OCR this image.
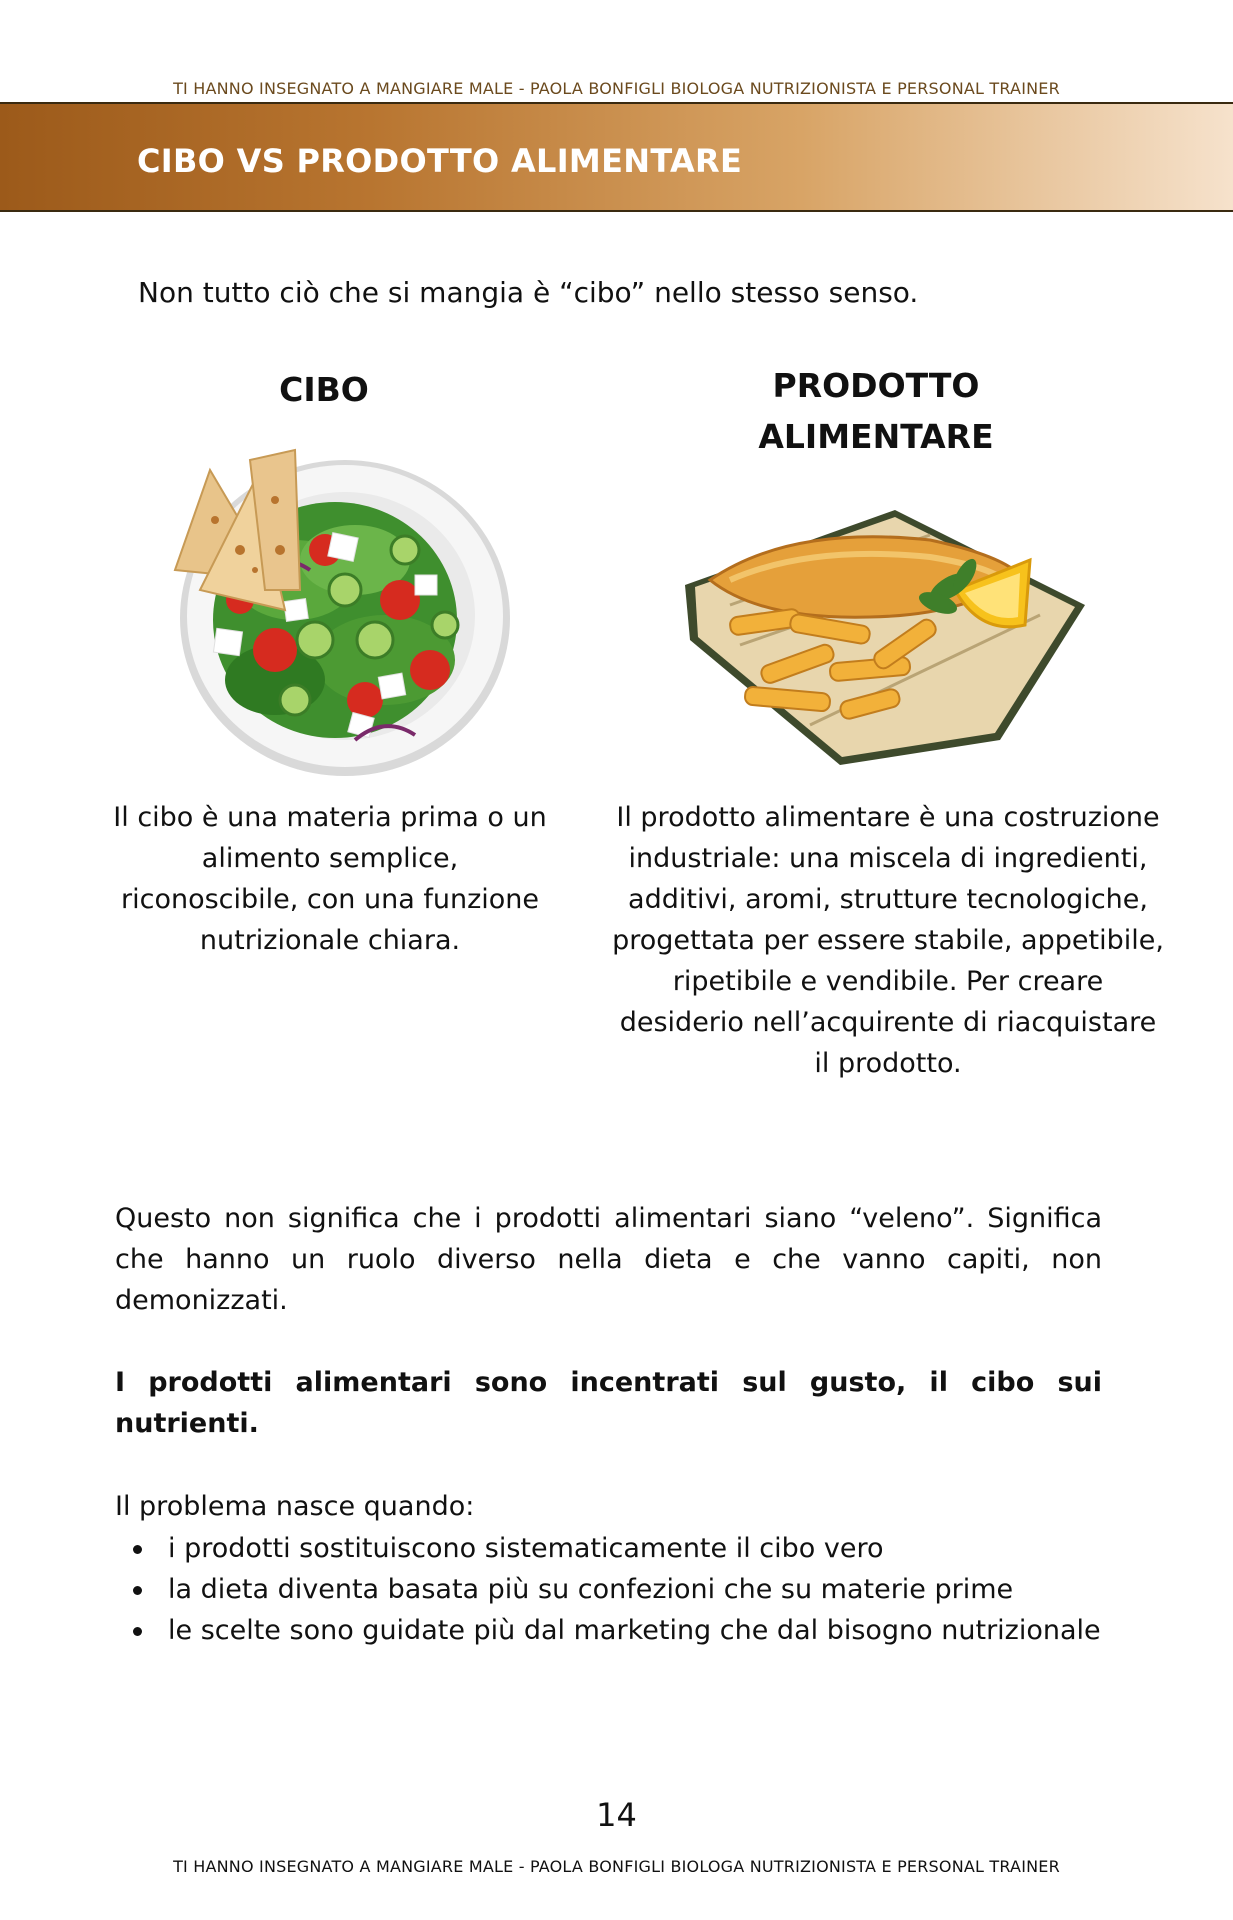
TI HANNO INSEGNATO A MANGIARE MALE - PAOLA BONFIGLI BIOLOGA NUTRIZIONISTA E PERSONAL TRAINER
CIBO VS PRODOTTO ALIMENTARE
Non tutto ciò che si mangia è “cibo” nello stesso senso.
CIBO	PRODOTTO ALIMENTARE
Il cibo è una materia prima o un alimento semplice, riconoscibile, con una funzione nutrizionale chiara.
Il prodotto alimentare è una costruzione industriale: una miscela di ingredienti, additivi, aromi, strutture tecnologiche, progettata per essere stabile, appetibile, ripetibile e vendibile. Per creare desiderio nell’acquirente di riacquistare il prodotto.
Questo non significa che i prodotti alimentari siano “veleno”. Significa che hanno un ruolo diverso nella dieta e che vanno capiti, non demonizzati.
I prodotti alimentari sono incentrati sul gusto, il cibo sui nutrienti.
Il problema nasce quando:
i prodotti sostituiscono sistematicamente il cibo vero
la dieta diventa basata più su confezioni che su materie prime
le scelte sono guidate più dal marketing che dal bisogno nutrizionale
14
TI HANNO INSEGNATO A MANGIARE MALE - PAOLA BONFIGLI BIOLOGA NUTRIZIONISTA E PERSONAL TRAINER
